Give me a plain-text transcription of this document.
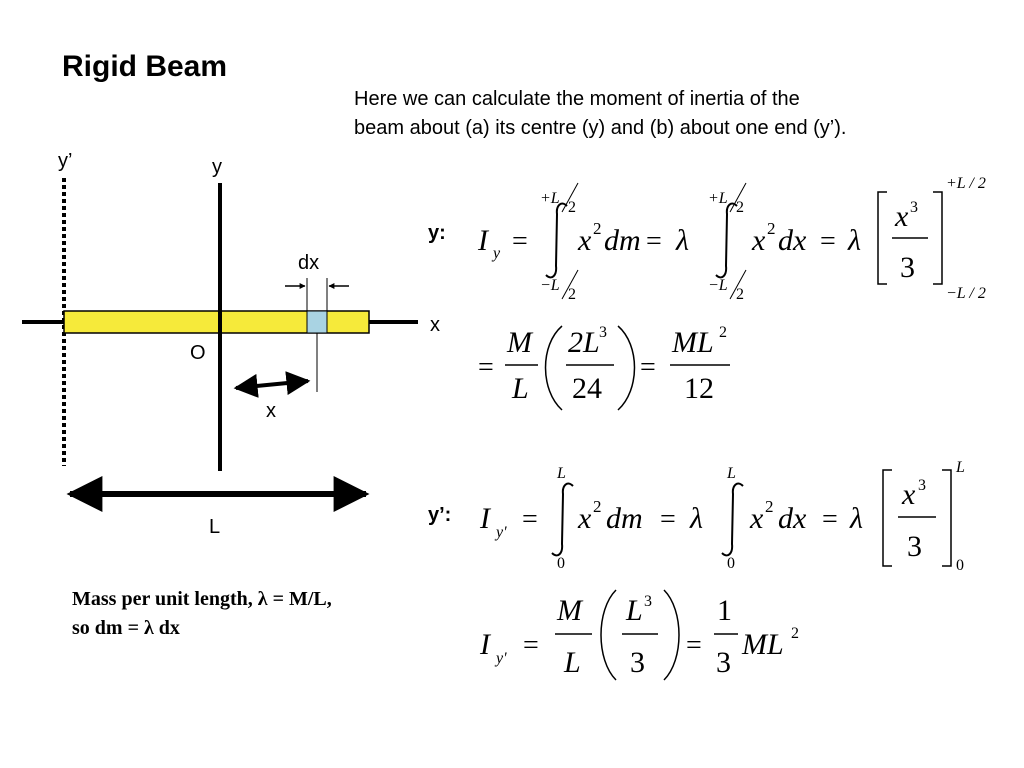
Rigid Beam
Here we can calculate the moment of inertia of the
beam about (a) its centre (y) and (b) about one end (y’).
y’	y
dx
x
O
x
L
Mass per unit length, λ = M/L,
so dm = λ dx
y:
y’:
I y =
+L
2
−L
2
x 2 dm = λ
+L
2
−L
2
x 2 dx = λ
x 3
3
+L / 2
−L / 2
=
M
L
2L 3
24
=
ML 2
12
I y' =
L
0
x 2 dm = λ
L
0
x 2 dx = λ
x 3
3
L
0
I y' =
M
L
L 3
3
=
1
3
ML 2
